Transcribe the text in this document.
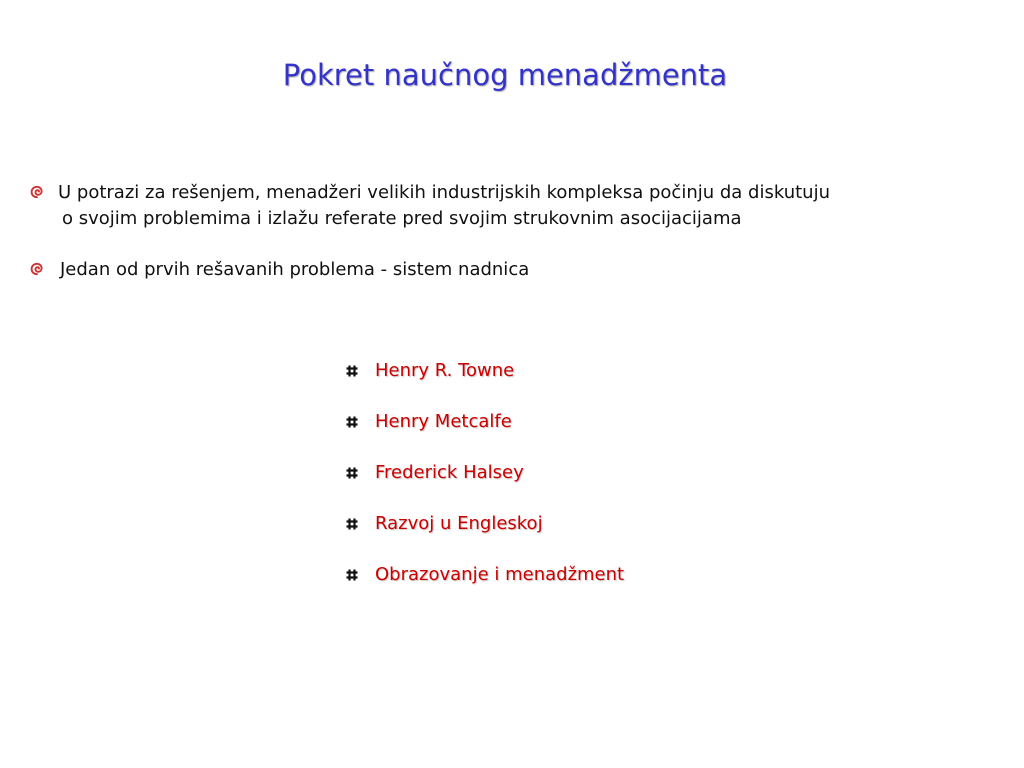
Pokret naučnog menadžmenta
U potrazi za rešenjem, menadžeri velikih industrijskih kompleksa počinju da diskutuju
o svojim problemima i izlažu referate pred svojim strukovnim asocijacijama
Jedan od prvih rešavanih problema - sistem nadnica
Henry R. Towne
Henry Metcalfe
Frederick Halsey
Razvoj u Engleskoj
Obrazovanje i menadžment
